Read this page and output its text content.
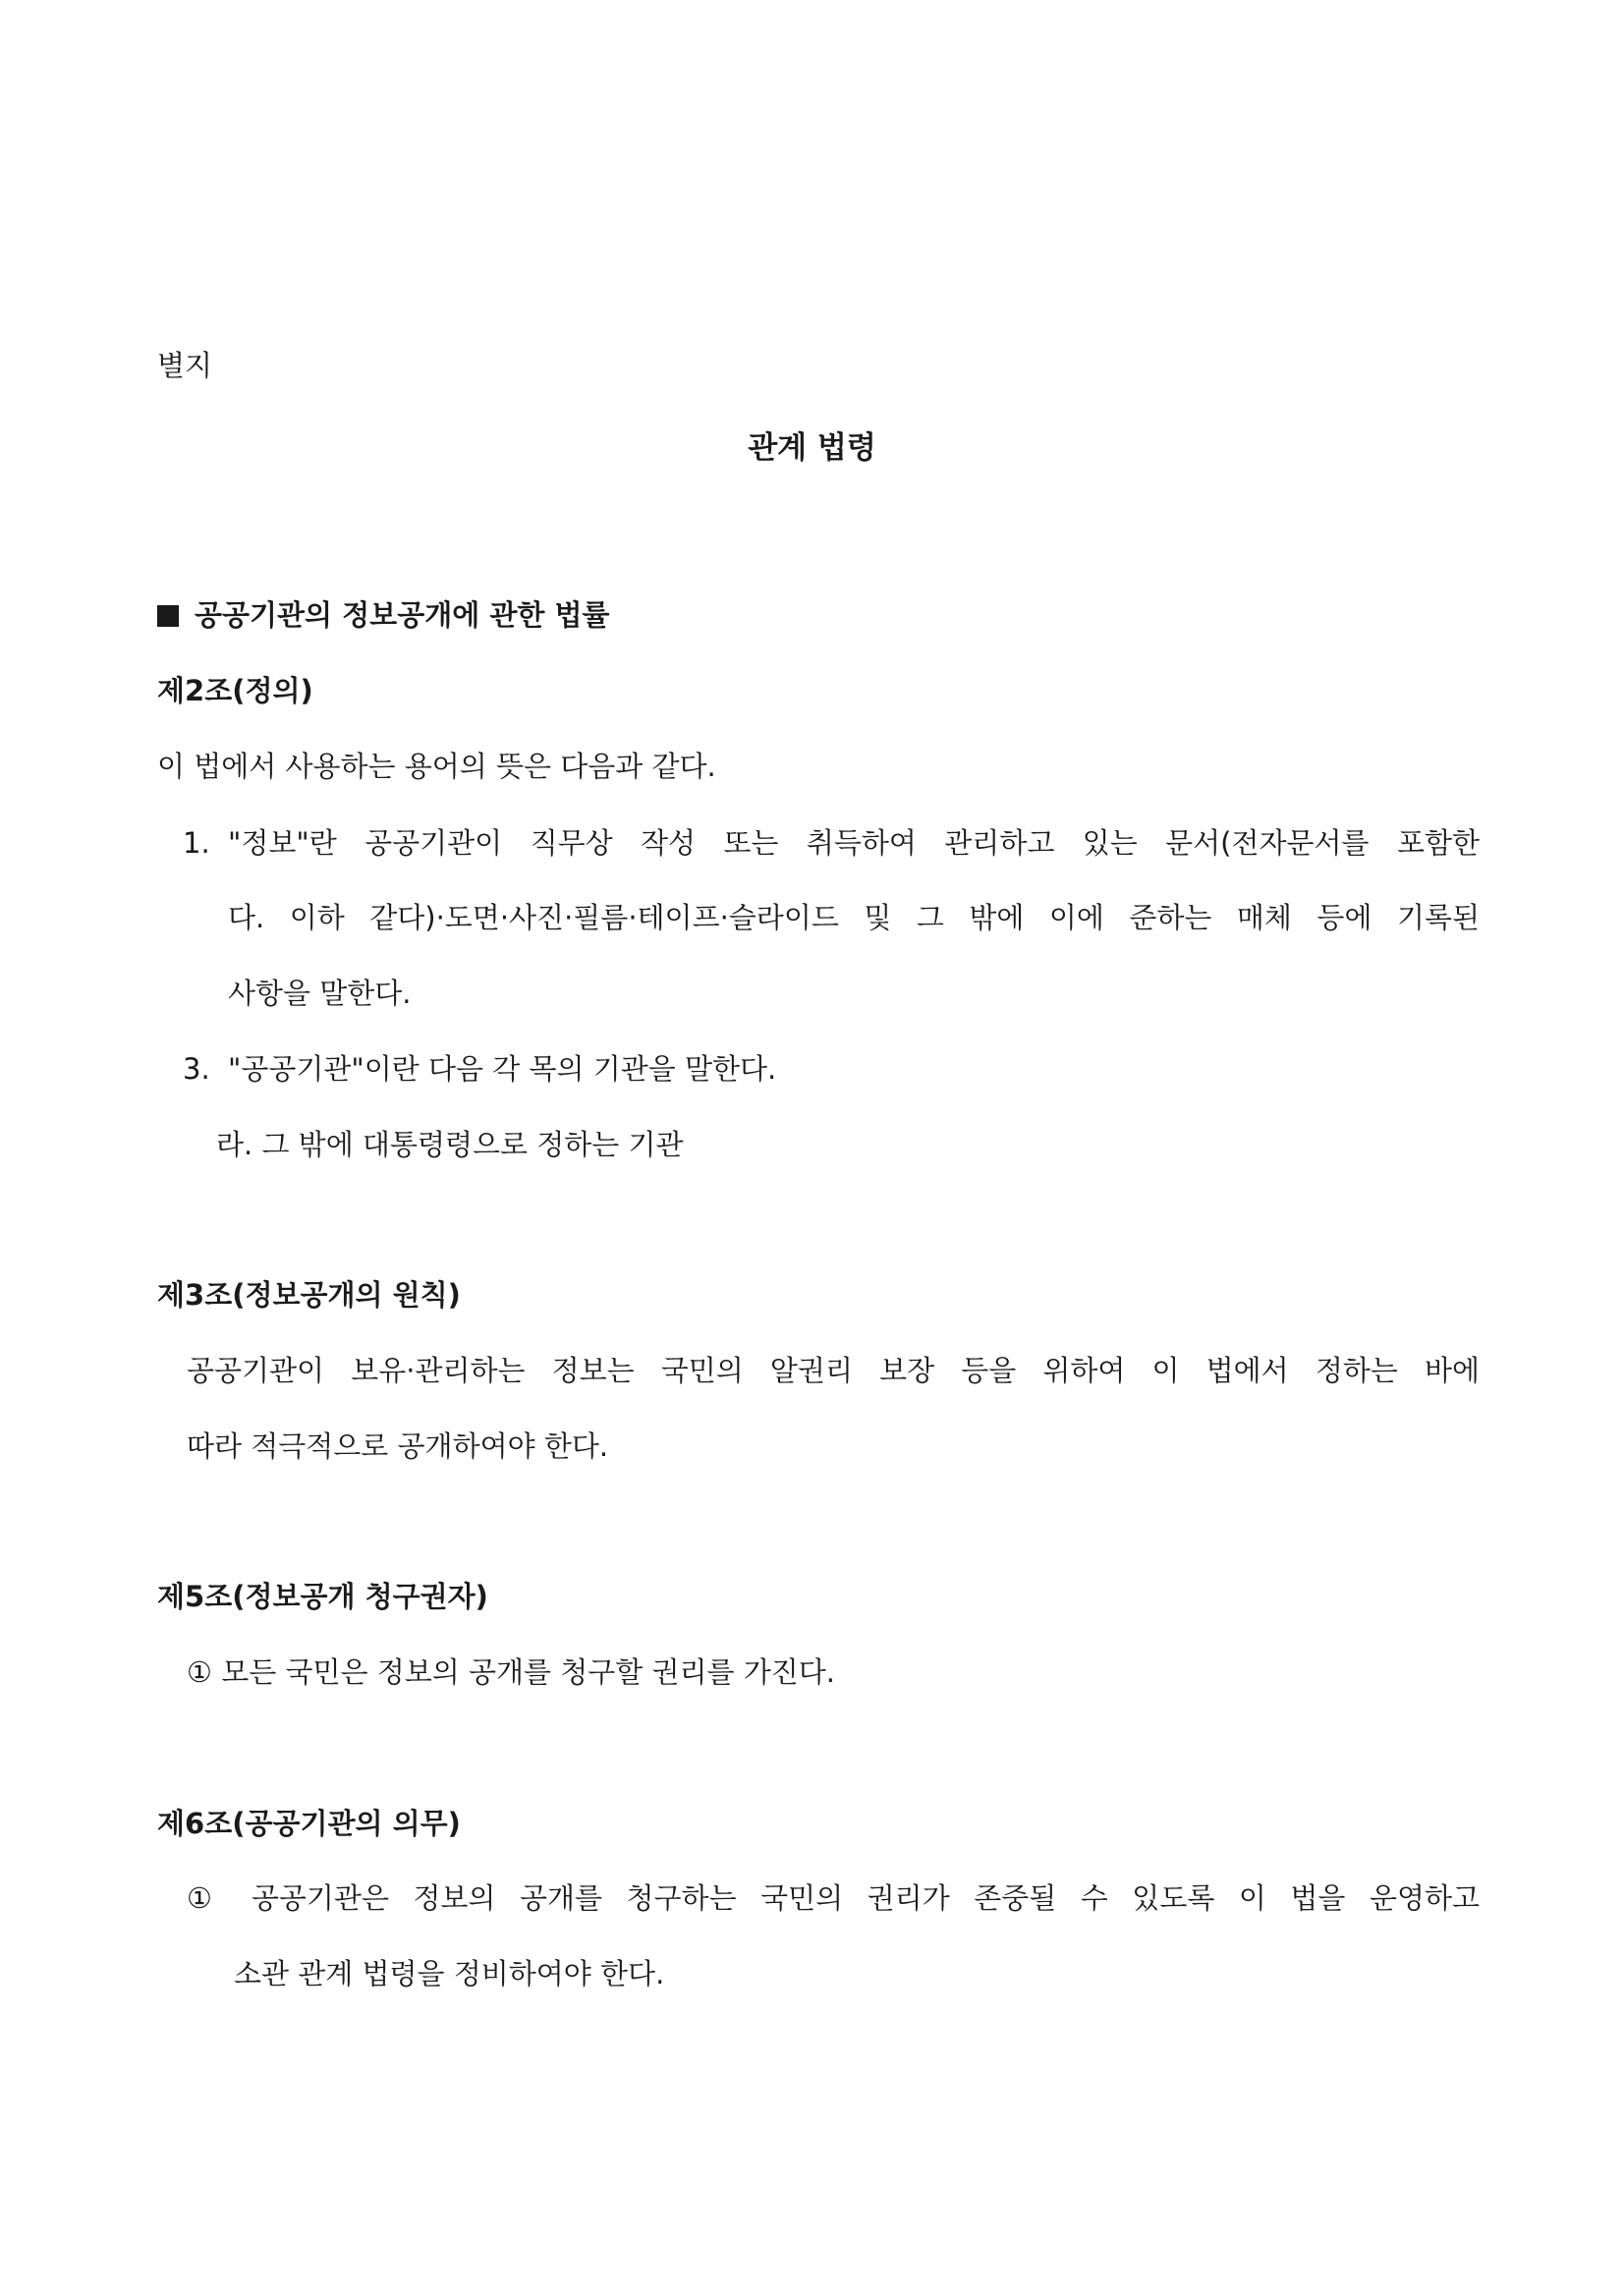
별지
관계 법령
공공기관의 정보공개에 관한 법률
제2조(정의)
이 법에서 사용하는 용어의 뜻은 다음과 같다.
1. "정보"란 공공기관이 직무상 작성 또는 취득하여 관리하고 있는 문서(전자문서를 포함한
다. 이하 같다)·도면·사진·필름·테이프·슬라이드 및 그 밖에 이에 준하는 매체 등에 기록된
사항을 말한다.
3. "공공기관"이란 다음 각 목의 기관을 말한다.
라. 그 밖에 대통령령으로 정하는 기관
제3조(정보공개의 원칙)
공공기관이 보유·관리하는 정보는 국민의 알권리 보장 등을 위하여 이 법에서 정하는 바에
따라 적극적으로 공개하여야 한다.
제5조(정보공개 청구권자)
① 모든 국민은 정보의 공개를 청구할 권리를 가진다.
제6조(공공기관의 의무)
① 공공기관은 정보의 공개를 청구하는 국민의 권리가 존중될 수 있도록 이 법을 운영하고
소관 관계 법령을 정비하여야 한다.
